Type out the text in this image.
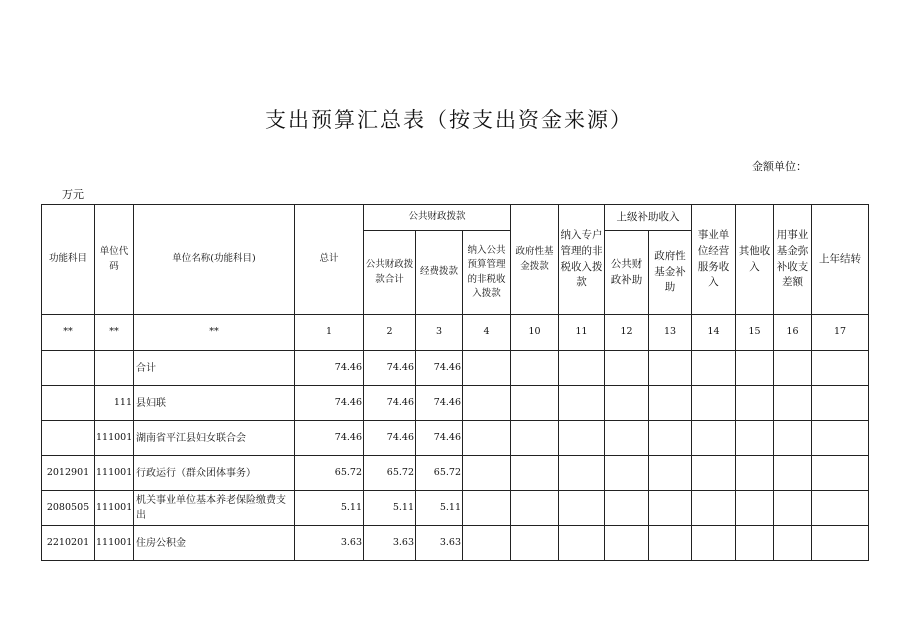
支出预算汇总表（按支出资金来源）
金额单位：
万元
功能科目	单位代码	单位名称(功能科目)	总计	公共财政拨款			政府性基金拨款	纳入专户管理的非税收入拨款	上级补助收入		事业单位经营服务收入	其他收入	用事业基金弥补收支差额	上年结转
				公共财政拨款合计	经费拨款	纳入公共预算管理的非税收入拨款			公共财政补助	政府性基金补助				
**	**	**	1	2	3	4	10	11	12	13	14	15	16	17
		合计	74.46	74.46	74.46									
	111	县妇联	74.46	74.46	74.46									
	111001	湖南省平江县妇女联合会	74.46	74.46	74.46									
2012901	111001	行政运行（群众团体事务）	65.72	65.72	65.72									
2080505	111001	机关事业单位基本养老保险缴费支出	5.11	5.11	5.11									
2210201	111001	住房公积金	3.63	3.63	3.63									
